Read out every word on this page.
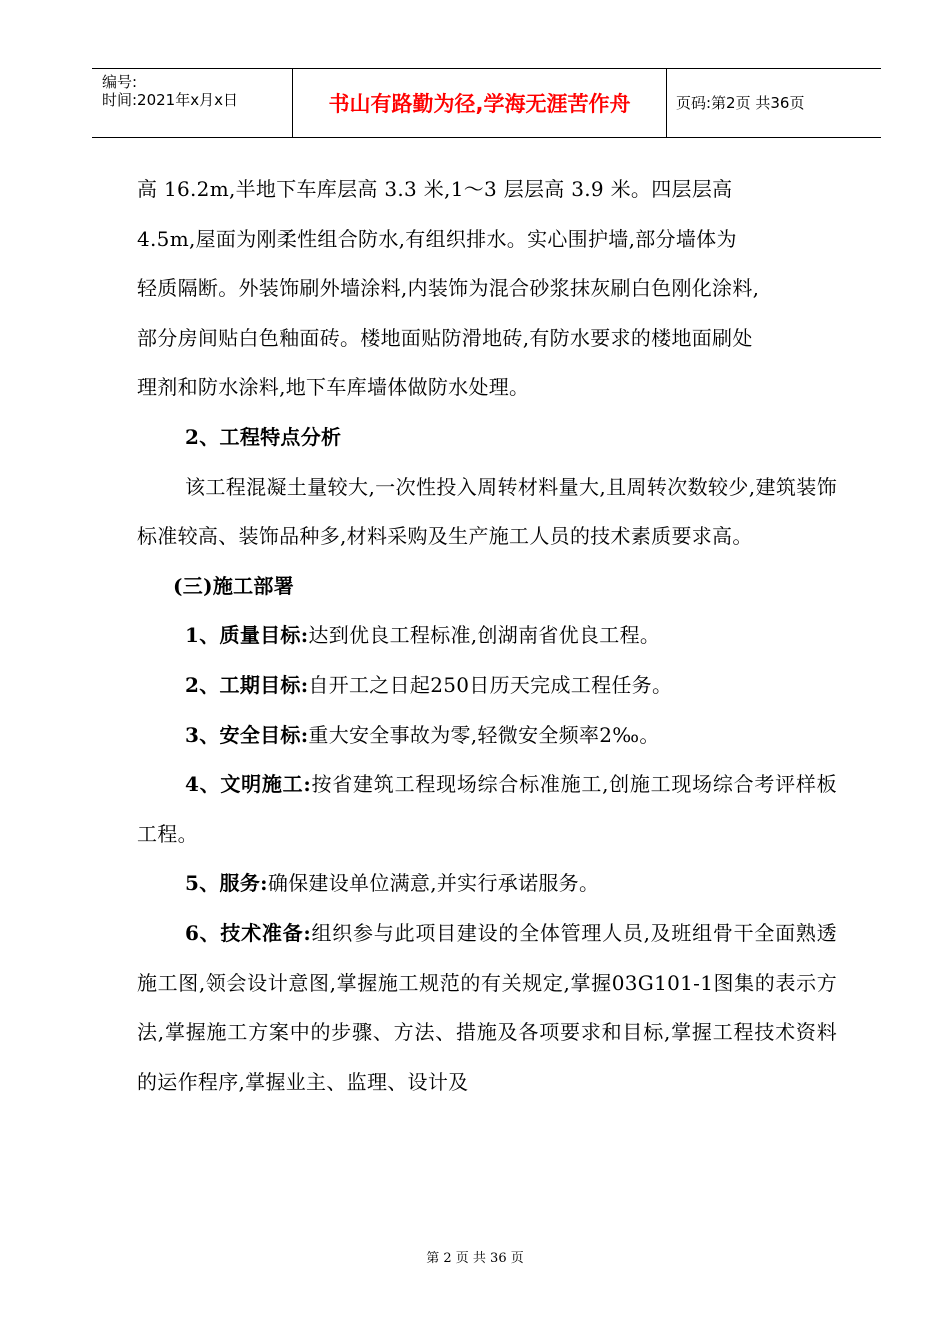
编号:
时间:2021年x月x日	书山有路勤为径,学海无涯苦作舟	页码:第2页 共36页

高 16.2m,半地下车库层高 3.3 米,1～3 层层高 3.9 米。四层层高
4.5m,屋面为刚柔性组合防水,有组织排水。实心围护墙,部分墙体为
轻质隔断。外装饰刷外墙涂料,内装饰为混合砂浆抹灰刷白色刚化涂料,
部分房间贴白色釉面砖。楼地面贴防滑地砖,有防水要求的楼地面刷处
理剂和防水涂料,地下车库墙体做防水处理。

2、工程特点分析

该工程混凝土量较大,一次性投入周转材料量大,且周转次数较少,建筑装饰标准较高、装饰品种多,材料采购及生产施工人员的技术素质要求高。

(三)施工部署

1、质量目标:达到优良工程标准,创湖南省优良工程。

2、工期目标:自开工之日起250日历天完成工程任务。

3、安全目标:重大安全事故为零,轻微安全频率2‰。

4、文明施工:按省建筑工程现场综合标准施工,创施工现场综合考评样板工程。

5、服务:确保建设单位满意,并实行承诺服务。

6、技术准备:组织参与此项目建设的全体管理人员,及班组骨干全面熟透施工图,领会设计意图,掌握施工规范的有关规定,掌握03G101-1图集的表示方法,掌握施工方案中的步骤、方法、措施及各项要求和目标,掌握工程技术资料的运作程序,掌握业主、监理、设计及

第 2 页 共 36 页
